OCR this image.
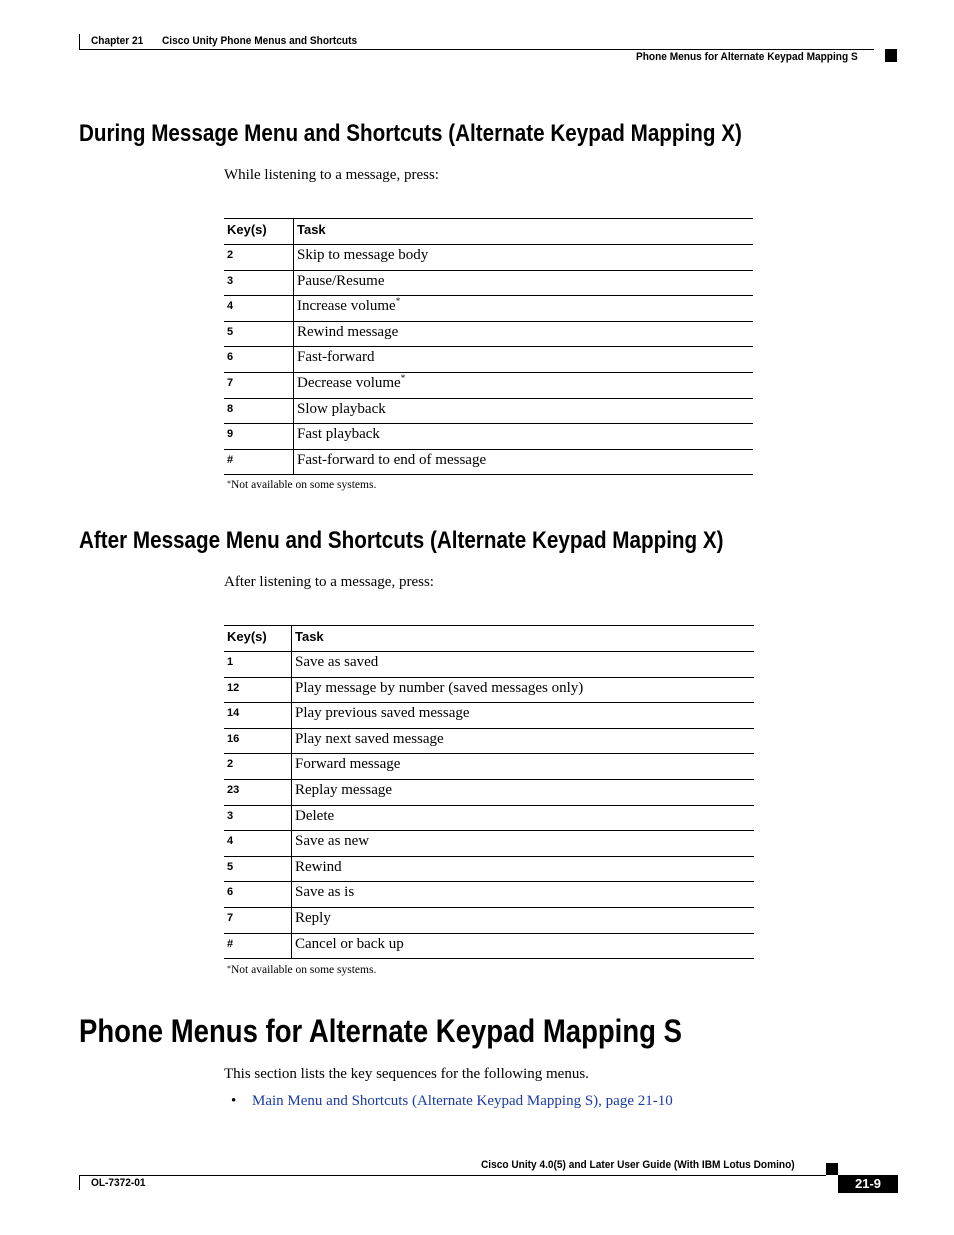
Chapter 21 Cisco Unity Phone Menus and Shortcuts
Phone Menus for Alternate Keypad Mapping S
During Message Menu and Shortcuts (Alternate Keypad Mapping X)
While listening to a message, press:
Key(s)	Task

2	Skip to message body

3	Pause/Resume

4	Increase volume*

5	Rewind message

6	Fast-forward

7	Decrease volume*

8	Slow playback

9	Fast playback

#	Fast-forward to end of message
*Not available on some systems.
After Message Menu and Shortcuts (Alternate Keypad Mapping X)
After listening to a message, press:
Key(s)	Task

1	Save as saved

12	Play message by number (saved messages only)

14	Play previous saved message

16	Play next saved message

2	Forward message

23	Replay message

3	Delete

4	Save as new

5	Rewind

6	Save as is

7	Reply

#	Cancel or back up
*Not available on some systems.
Phone Menus for Alternate Keypad Mapping S
This section lists the key sequences for the following menus.
• Main Menu and Shortcuts (Alternate Keypad Mapping S), page 21-10
Cisco Unity 4.0(5) and Later User Guide (With IBM Lotus Domino)
OL-7372-01	21-9
